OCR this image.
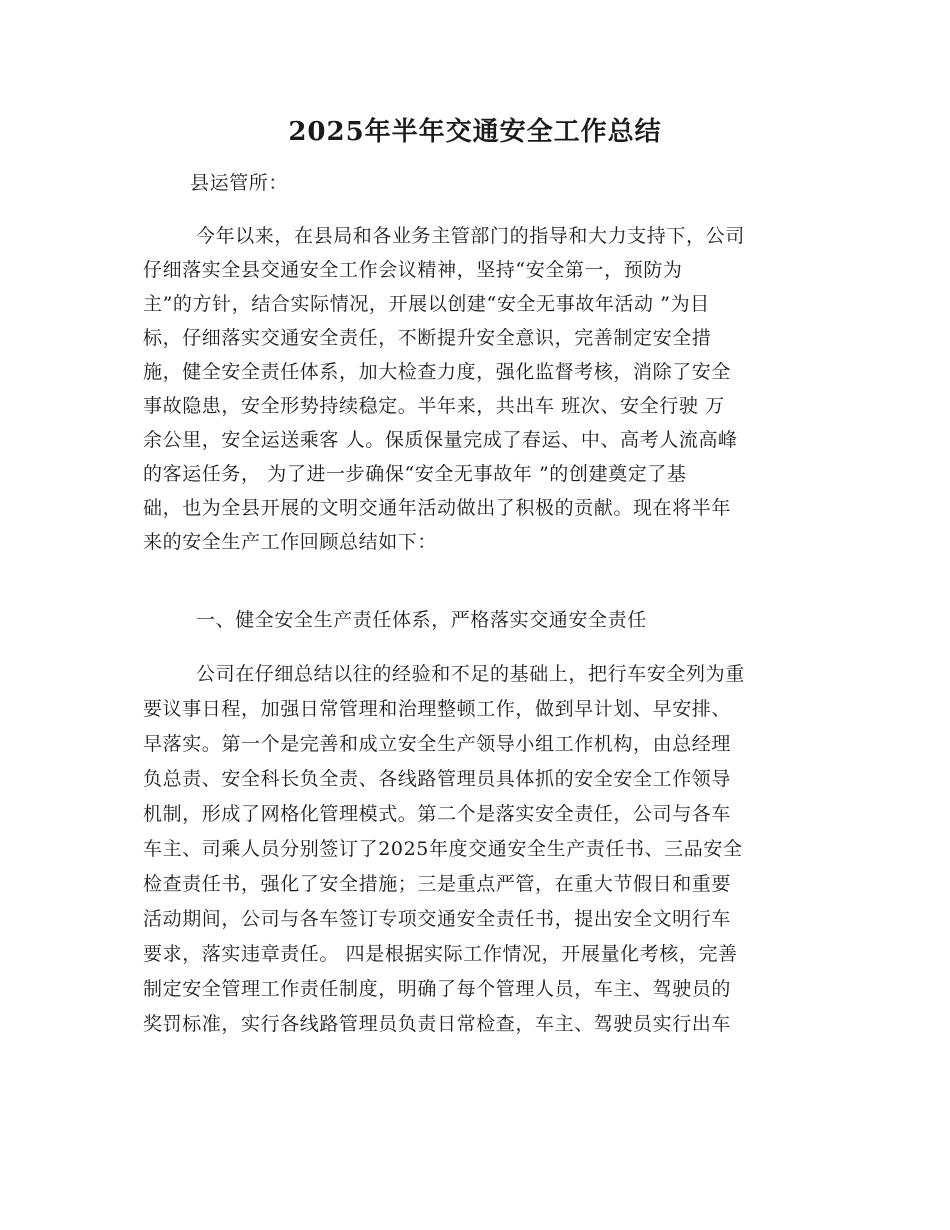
2025年半年交通安全工作总结
县运管所：
今年以来，在县局和各业务主管部门的指导和大力支持下，公司
仔细落实全县交通安全工作会议精神，坚持“安全第一，预防为
主”的方针，结合实际情况，开展以创建“安全无事故年活动 ”为目
标，仔细落实交通安全责任，不断提升安全意识，完善制定安全措
施，健全安全责任体系，加大检查力度，强化监督考核，消除了安全
事故隐患，安全形势持续稳定。半年来，共出车 班次、安全行驶 万
余公里，安全运送乘客 人。保质保量完成了春运、中、高考人流高峰
的客运任务， 为了进一步确保“安全无事故年 ”的创建奠定了基
础，也为全县开展的文明交通年活动做出了积极的贡献。现在将半年
来的安全生产工作回顾总结如下：
一、健全安全生产责任体系，严格落实交通安全责任
公司在仔细总结以往的经验和不足的基础上，把行车安全列为重
要议事日程，加强日常管理和治理整顿工作，做到早计划、早安排、
早落实。第一个是完善和成立安全生产领导小组工作机构，由总经理
负总责、安全科长负全责、各线路管理员具体抓的安全安全工作领导
机制，形成了网格化管理模式。第二个是落实安全责任，公司与各车
车主、司乘人员分别签订了2025年度交通安全生产责任书、三品安全
检查责任书，强化了安全措施；三是重点严管，在重大节假日和重要
活动期间，公司与各车签订专项交通安全责任书，提出安全文明行车
要求，落实违章责任。 四是根据实际工作情况，开展量化考核，完善
制定安全管理工作责任制度，明确了每个管理人员，车主、驾驶员的
奖罚标准，实行各线路管理员负责日常检查，车主、驾驶员实行出车
